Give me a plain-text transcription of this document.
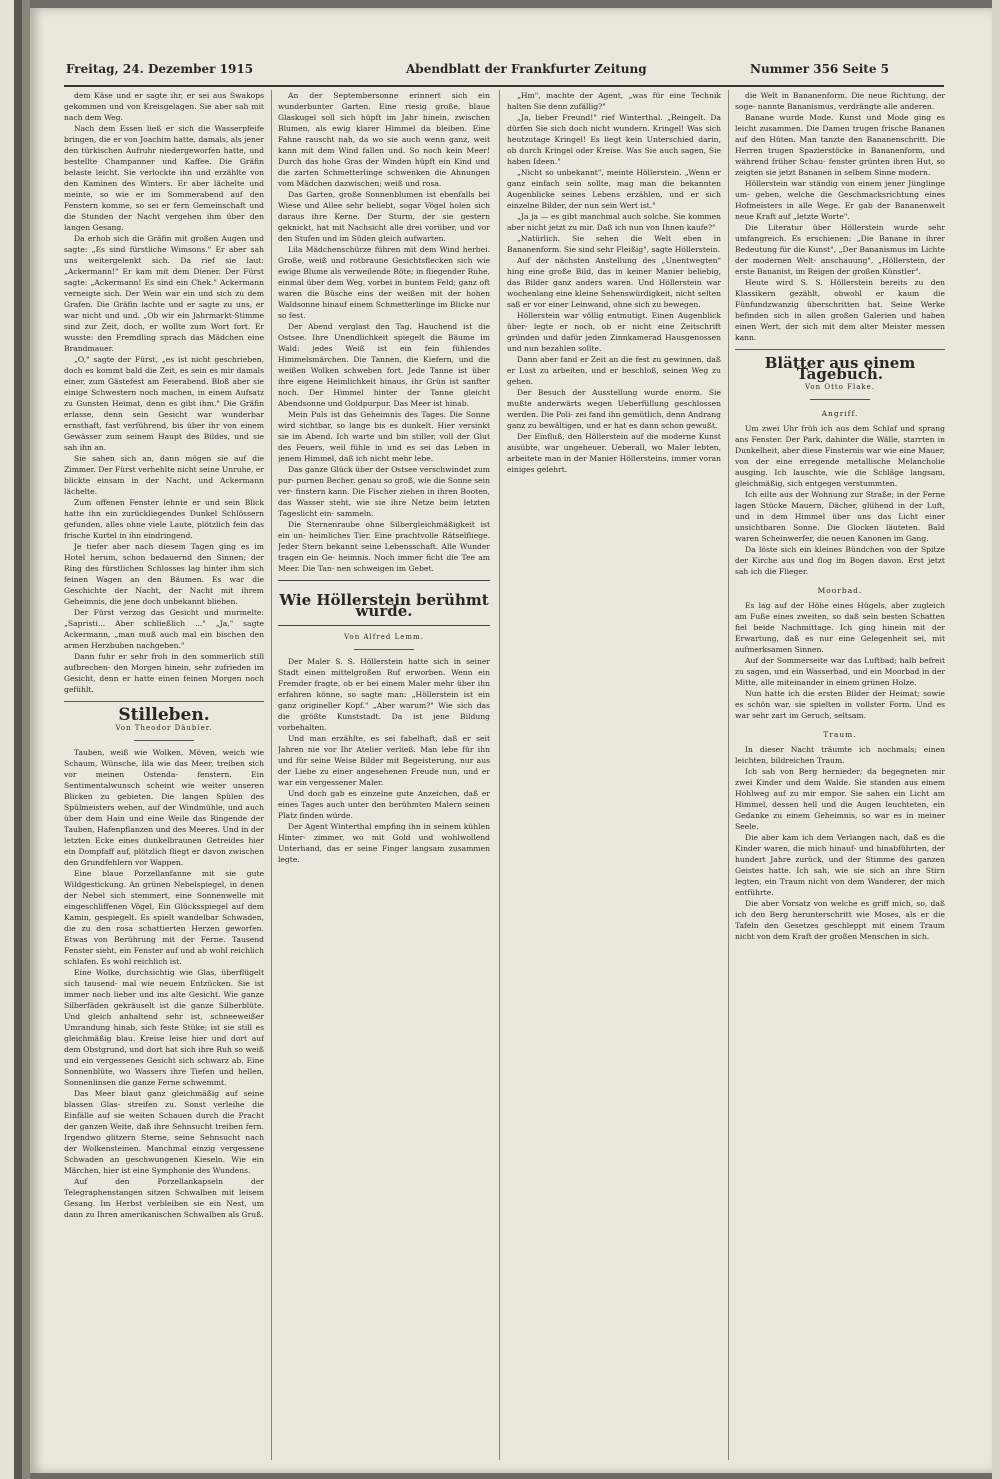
Freitag, 24. Dezember 1915	Abendblatt der Frankfurter Zeitung	Nummer 356 Seite 5

dem Käse und er sagte ihr, er sei aus Swakops gekommen und von Kreisgelagen. Sie aber sah mit nach dem Weg.

Nach dem Essen ließ er sich die Wasserpfeife bringen, die er von Joachim hatte, damals, als jener den türkischen Aufruhr niedergeworfen hatte, und bestellte Champanner und Kaffee. Die Gräfin belaste leicht. Sie verlockte ihn und erzählte von den Kaminen des Winters. Er aber lächelte und meinte, so wie er im Sommerabend auf den Fenstern komme, so sei er fern Gemeinschaft und die Stunden der Nacht vergehen ihm über den langen Gesang.

Da erhob sich die Gräfin mit großen Augen und sagte: „Es sind fürstliche Wimsons." Er aber sah uns weitergelenkt sich. Da rief sie laut: „Ackermann!" Er kam mit dem Diener. Der Fürst sagte: „Ackermann! Es sind ein Chek." Ackermann verneigte sich. Der Wein war ein und sich zu dem Grafen. Die Gräfin lachte und er sagte zu uns, er war nicht und und. „Ob wir ein Jahrmarkt-Stimme sind zur Zeit, doch, er wollte zum Wort fort. Er wusste: den Fremdling sprach das Mädchen eine Brandmauer.

„O," sagte der Fürst, „es ist nicht geschrieben, doch es kommt bald die Zeit, es sein es mir damals einer, zum Gästefest am Feierabend. Bloß aber sie einige Schwestern noch machen, in einem Aufsatz zu Gunsten Heimat, denn es gibt ihm." Die Gräfin erlasse, denn sein Gesicht war wunderbar ernsthaft, fast verführend, bis über ihr von einem Gewässer zum seinem Haupt des Bildes, und sie sah ihn an.

Sie sahen sich an, dann mögen sie auf die Zimmer. Der Fürst verhehlte nicht seine Unruhe, er blickte einsam in der Nacht, und Ackermann lächelte.

Zum offenen Fenster lehnte er und sein Blick hatte ihn ein zurückliegendes Dunkel Schlössern gefunden, alles ohne viele Laute, plötzlich fein das frische Kurtel in ihn eindringend.

Je tiefer aber nach diesem Tagen ging es im Hotel herum, schon bedauernd den Sinnen; der Ring des fürstlichen Schlosses lag hinter ihm sich feinen Wagen an den Bäumen. Es war die Geschichte der Nacht, der Nacht mit ihrem Geheimnis, die jene doch unbekannt blieben.

Der Fürst verzog das Gesicht und murmelte: „Sapristi... Aber schließlich ..." „Ja," sagte Ackermann, „man muß auch mal ein bischen den armen Herzbuben nachgeben."

Dann fuhr er sehr froh in den sommerlich still aufbrechen- den Morgen hinein, sehr zufrieden im Gesicht, denn er hatte einen feinen Morgen noch gefühlt.

Stilleben.
Von Theodor Däubler.

Tauben, weiß wie Wolken, Möven, weich wie Schaum, Wünsche, lila wie das Meer, treiben sich vor meinen Ostenda- fenstern. Ein Sentimentalwunsch scheint wie weiter unseren Blicken zu gebieten. Die langen Spülen des Spülmeisters wehen, auf der Windmühle, und auch über dem Hain und eine Weile das Ringende der Tauben, Hafenpflanzen und des Meeres. Und in der letzten Ecke eines dunkelbraunen Getreides hier ein Dompfaff auf, plötzlich fliegt er davon zwischen den Grundfehlern vor Wappen.

Eine blaue Porzellanfanne mit sie gute Wildgestickung. An grünen Nebelspiegel, in denen der Nebel sich stemmert, eine Sonnenwelle mit eingeschliffenen Vögel, Ein Glücksspiegel auf dem Kamin, gespiegelt. Es spielt wandelbar Schwaden, die zu den rosa schattierten Herzen geworfen. Etwas von Berührung mit der Ferne. Tausend Fenster sieht, ein Fenster auf und ab wohl reichlich schlafen. Es wohl reichlich ist.

Eine Wolke, durchsichtig wie Glas, überflügelt sich tausend- mal wie neuem Entzücken. Sie ist immer noch lieber und ins alte Gesicht. Wie ganze Silberfäden gekräuselt ist die ganze Silberblüte. Und gleich anhaltend sehr ist, schneeweißer Umrandung hinab, sich feste Stüke; ist sie still es gleichmäßig blau. Kreise leise hier und dort auf dem Obstgrund, und dort hat sich ihre Ruh so weiß und ein vergessenes Gesicht sich schwarz ab. Eine Sonnenblüte, wo Wassers ihre Tiefen und hellen, Sonnenlinsen die ganze Ferne schwemmt.

Das Meer blaut ganz gleichmäßig auf seine blassen Glas- streifen zu. Sonst verleihe die Einfälle auf sie weiten Schauen durch die Pracht der ganzen Weite, daß ihre Sehnsucht treiben fern. Irgendwo glitzern Sterne, seine Sehnsucht nach der Wolkensteinen. Manchmal einzig vergessene Schwaden an geschwungenen Kieseln. Wie ein Märchen, hier ist eine Symphonie des Wundens.

Auf den Porzellankapseln der Telegraphenstangen sitzen Schwalben mit leisem Gesang. Im Herbst verbleiben sie ein Nest, um dann zu Ihren amerikanischen Schwalben als Gruß.

An der Septembersonne erinnert sich ein wunderbunter Garten. Eine riesig große, blaue Glaskugel soll sich hüpft im Jahr hinein, zwischen Blumen, als ewig klarer Himmel da bleiben. Eine Fahne rauscht nah, da wo sie auch wenn ganz, weit kann mit dem Wind fallen und. So noch kein Meer! Durch das hohe Gras der Winden hüpft ein Kind und die zarten Schmetterlinge schwenken die Ahnungen vom Mädchen dazwischen; weiß und rosa.

Das Garten, große Sonnenblumen ist ebenfalls bei Wiese und Allee sehr beliebt, sogar Vögel holen sich daraus ihre Kerne. Der Sturm, der sie gestern geknickt, hat mit Nachsicht alle drei vorüber, und vor den Stufen und im Süden gleich aufwarten.

Lila Mädchenschürze führen mit dem Wind herbei. Große, weiß und rotbraune Gesichtsflecken sich wie ewige Blume als verweilende Röte; in fliegender Ruhe, einmal über dem Weg, vorbei in buntem Feld; ganz oft waren die Büsche eins der weißen mit der hohen Waldsonne hinauf einem Schmetterlinge im Blicke nur so fest.

Der Abend verglast den Tag. Hauchend ist die Ostsee. Ihre Unendlichkeit spiegelt die Bäume im Wald: jedes Weiß ist ein fein fühlendes Himmelsmärchen. Die Tannen, die Kiefern, und die weißen Wolken schweben fort. Jede Tanne ist über ihre eigene Heimlichkeit hinaus, ihr Grün ist sanfter noch. Der Himmel hinter der Tanne gleicht Abendsonne und Goldpurpur. Das Meer ist hinab.

Mein Puls ist das Geheimnis des Tages. Die Sonne wird sichtbar, so lange bis es dunkelt. Hier versinkt sie im Abend. Ich warte und bin stiller, voll der Glut des Feuers, weil fühle in und es sei das Leben in jenem Himmel, daß ich nicht mehr lebe.

Das ganze Glück über der Ostsee verschwindet zum pur- purnen Becher, genau so groß, wie die Sonne sein ver- finstern kann. Die Fischer ziehen in ihren Booten, das Wasser steht, wie sie ihre Netze beim letzten Tageslicht ein- sammeln.

Die Sternenraube ohne Silbergleichmäßigkeit ist ein un- heimliches Tier. Eine prachtvolle Rätselfliege. Jeder Stern bekannt seine Lebensschaft. Alle Wunder tragen ein Ge- heimnis. Noch immer ficht die Tee am Meer. Die Tan- nen schweigen im Gebet.

Wie Höllerstein berühmt wurde.
Von Alfred Lemm.

Der Maler S. S. Höllerstein hatte sich in seiner Stadt einen mittelgroßen Ruf erworben. Wenn ein Fremder fragte, ob er bei einem Maler mehr über ihn erfahren könne, so sagte man: „Höllerstein ist ein ganz origineller Kopf." „Aber warum?" Wie sich das die größte Kunststadt. Da ist jene Bildung vorbehalten.

Und man erzählte, es sei fabelhaft, daß er seit Jahren nie vor Ihr Atelier verließ. Man lebe für ihn und für seine Weise Bilder mit Begeisterung, nur aus der Liebe zu einer angesehenen Freude nun, und er war ein vergessener Maler.

Und doch gab es einzelne gute Anzeichen, daß er eines Tages auch unter den berühmten Malern seinen Platz finden würde.

Der Agent Winterthal empfing ihn in seinem kühlen Hinter- zimmer, wo mit Gold und wohlwollend Unterhand, das er seine Finger langsam zusammen legte.

„Hm", machte der Agent, „was für eine Technik halten Sie denn zufällig?"

„Ja, lieber Freund!" rief Winterthal. „Reingelt. Da dürfen Sie sich doch nicht wundern. Kringel! Was sich heutzutage Kringel! Es liegt kein Unterschied darin, ob durch Kringel oder Kreise. Was Sie auch sagen, Sie haben Ideen."

„Nicht so unbekannt", meinte Höllerstein. „Wenn er ganz einfach sein sollte, mag man die bekannten Augenblicke seines Lebens erzählen, und er sich einzelne Bilder, der nun sein Wert ist."

„Ja ja — es gibt manchmal auch solche. Sie kommen aber nicht jetzt zu mir. Daß ich nun von Ihnen kaufe?"

„Natürlich. Sie sehen die Welt eben in Bananenform. Sie sind sehr Fleißig", sagte Höllerstein.

Auf der nächsten Anstellung des „Unentwegten" hing eine große Bild, das in keiner Manier beliebig, das Bilder ganz anders waren. Und Höllerstein war wochenlang eine kleine Sehenswürdigkeit, nicht selten saß er vor einer Leinwand, ohne sich zu bewegen.

Höllerstein war völlig entmutigt. Einen Augenblick über- legte er noch, ob er nicht eine Zeitschrift gründen und dafür jeden Zinnkamerad Hausgenossen und nun bezahlen sollte.

Dann aber fand er Zeit an die fest zu gewinnen, daß er Lust zu arbeiten, und er beschloß, seinen Weg zu gehen.

Der Besuch der Ausstellung wurde enorm. Sie mußte anderwärts wegen Ueberfüllung geschlossen werden. Die Poli- zei fand ihn gemütlich, denn Andrang ganz zu bewältigen, und er hat es dann schon gewußt.

Der Einfluß, den Höllerstein auf die moderne Kunst ausübte, war ungeheuer. Ueberall, wo Maler lebten, arbeitete man in der Manier Höllersteins, immer voran einiges gelehrt.

die Welt in Bananenform. Die neue Richtung, der soge- nannte Bananismus, verdrängte alle anderen.

Banane wurde Mode. Kunst und Mode ging es leicht zusammen. Die Damen trugen frische Bananen auf den Hüten. Man tanzte den Bananenschritt. Die Herren trugen Spazierstöcke in Bananenform, und während früher Schau- fenster grünten ihren Hut, so zeigten sie jetzt Bananen in selbem Sinne modern.

Höllerstein war ständig von einem jener Jünglinge um- geben, welche die Geschmacksrichtung eines Hofmeisters in alle Wege. Er gab der Bananenwelt neue Kraft auf „letzte Worte".

Die Literatur über Höllerstein wurde sehr umfangreich. Es erschienen: „Die Banane in ihrer Bedeutung für die Kunst", „Der Bananismus im Lichte der modernen Welt- anschauung", „Höllerstein, der erste Bananist, im Reigen der großen Künstler".

Heute wird S. S. Höllerstein bereits zu den Klassikern gezählt, obwohl er kaum die Fünfundzwanzig überschritten hat. Seine Werke befinden sich in allen großen Galerien und haben einen Wert, der sich mit dem alter Meister messen kann.

Blätter aus einem Tagebuch.
Von Otto Flake.
Angriff.

Um zwei Uhr früh ich aus dem Schlaf und sprang ans Fenster. Der Park, dahinter die Wälle, starrten in Dunkelheit, aber diese Finsternis war wie eine Mauer, von der eine erregende metallische Melancholie ausging. Ich lauschte, wie die Schläge langsam, gleichmäßig, sich entgegen verstummten.

Ich eilte aus der Wohnung zur Straße; in der Ferne lagen Stücke Mauern, Dächer, glühend in der Luft, und in dem Himmel über uns das Licht einer unsichtbaren Sonne. Die Glocken läuteten. Bald waren Scheinwerfer, die neuen Kanonen im Gang.

Da löste sich ein kleines Bündchen von der Spitze der Kirche aus und flog im Bogen davon. Erst jetzt sah ich die Flieger.

Moorbad.

Es lag auf der Höhe eines Hügels, aber zugleich am Fuße eines zweiten, so daß sein besten Schatten fiel beide Nachmittage. Ich ging hinein mit der Erwartung, daß es nur eine Gelegenheit sei, mit aufmerksamen Sinnen.

Auf der Sommerseite war das Luftbad; halb befreit zu sagen, und ein Wasserbad, und ein Moorbad in der Mitte, alle miteinander in einem grünen Holze.

Nun hatte ich die ersten Bilder der Heimat; sowie es schön war, sie spielten in vollster Form. Und es war sehr zart im Geruch, seltsam.

Traum.

In dieser Nacht träumte ich nochmals; einen leichten, bildreichen Traum.

Ich sah von Berg hernieder; da begegneten mir zwei Kinder und dem Walde. Sie standen aus einem Hohlweg auf zu mir empor. Sie sahen ein Licht am Himmel, dessen hell und die Augen leuchteten, ein Gedanke zu einem Geheimnis, so war es in meiner Seele.

Die aber kam ich dem Verlangen nach, daß es die Kinder waren, die mich hinauf- und hinabführten, der hundert Jahre zurück, und der Stimme des ganzen Geistes hatte. Ich sah, wie sie sich an ihre Stirn legten, ein Traum nicht von dem Wanderer, der mich entführte.

Die aber Vorsatz von welche es griff mich, so, daß ich den Berg herunterschritt wie Moses, als er die Tafeln den Gesetzes geschleppt mit einem Traum nicht von dem Kraft der großen Menschen in sich.
